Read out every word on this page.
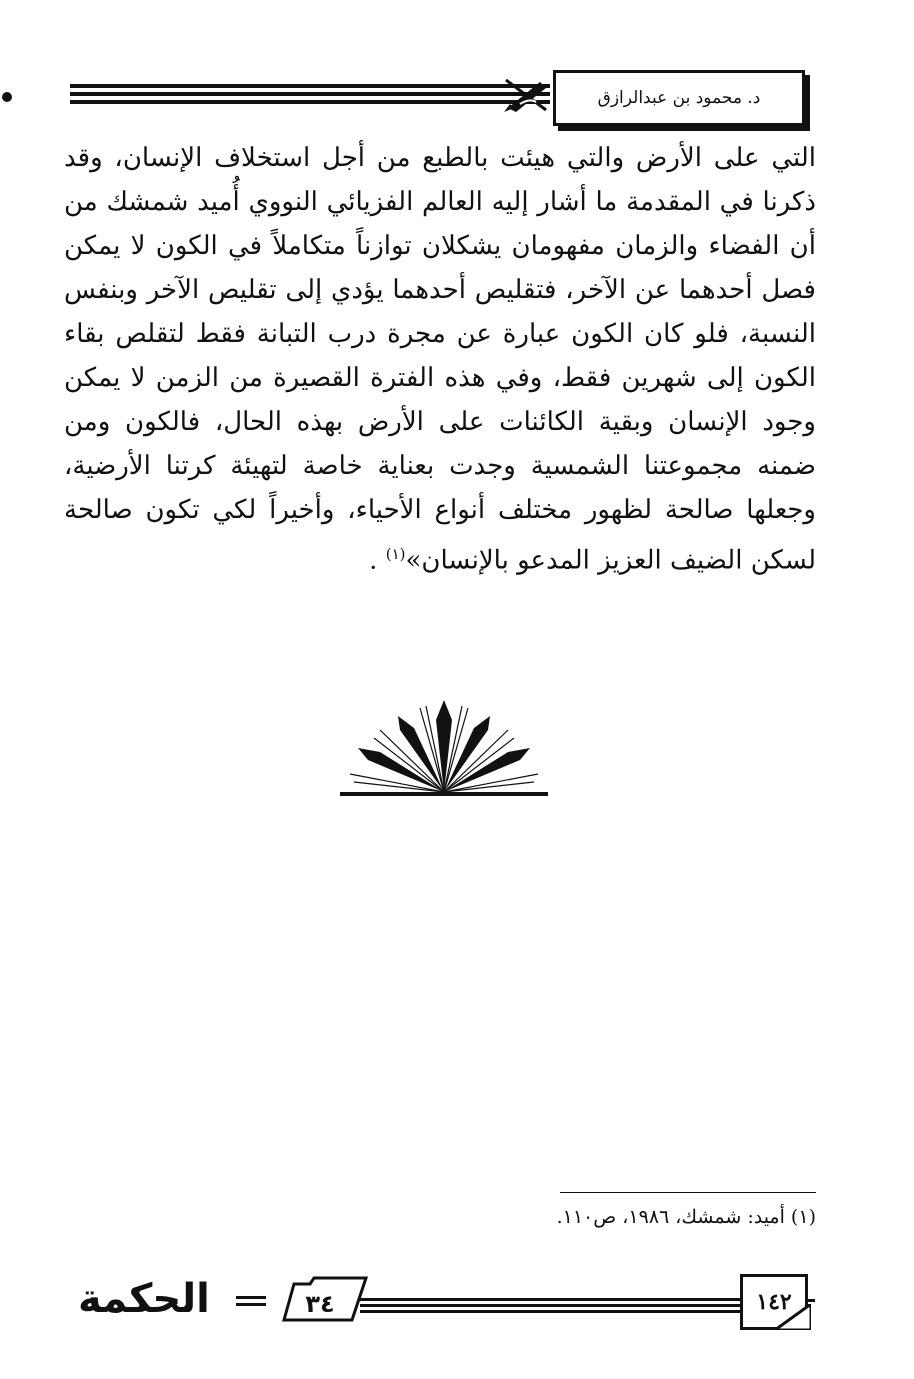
د. محمود بن عبدالرازق

التي على الأرض والتي هيئت بالطبع من أجل استخلاف الإنسان، وقد ذكرنا في المقدمة ما أشار إليه العالم الفزيائي النووي أُميد شمشك من أن الفضاء والزمان مفهومان يشكلان توازناً متكاملاً في الكون لا يمكن فصل أحدهما عن الآخر، فتقليص أحدهما يؤدي إلى تقليص الآخر وبنفس النسبة، فلو كان الكون عبارة عن مجرة درب التبانة فقط لتقلص بقاء الكون إلى شهرين فقط، وفي هذه الفترة القصيرة من الزمن لا يمكن وجود الإنسان وبقية الكائنات على الأرض بهذه الحال، فالكون ومن ضمنه مجموعتنا الشمسية وجدت بعناية خاصة لتهيئة كرتنا الأرضية، وجعلها صالحة لظهور مختلف أنواع الأحياء، وأخيراً لكي تكون صالحة لسكن الضيف العزيز المدعو بالإنسان»$^{(١)}$ .

(١) أميد: شمشك، ١٩٨٦، ص١١٠.
الحكمة	٣٤	١٤٢
